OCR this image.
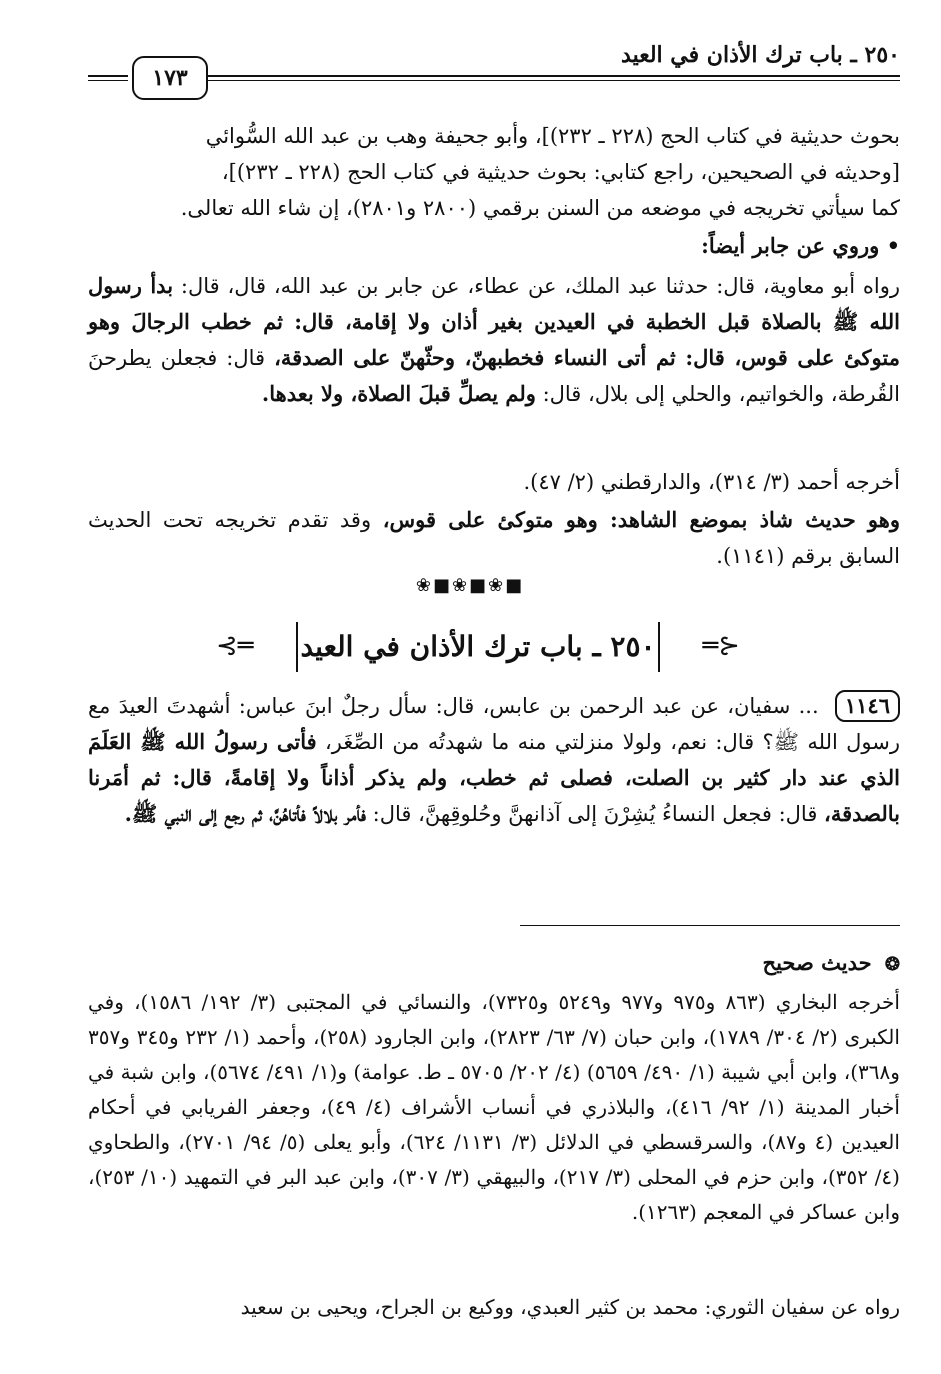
٢٥٠ ـ باب ترك الأذان في العيد
١٧٣
بحوث حديثية في كتاب الحج (٢٢٨ ـ ٢٣٢)]، وأبو جحيفة وهب بن عبد الله السُّوائي
[وحديثه في الصحيحين، راجع كتابي: بحوث حديثية في كتاب الحج (٢٢٨ ـ ٢٣٢)]،
كما سيأتي تخريجه في موضعه من السنن برقمي (٢٨٠٠ و٢٨٠١)، إن شاء الله تعالى.
• وروي عن جابر أيضاً:
رواه أبو معاوية، قال: حدثنا عبد الملك، عن عطاء، عن جابر بن عبد الله، قال، قال: بدأ رسول الله ﷺ بالصلاة قبل الخطبة في العيدين بغير أذان ولا إقامة، قال: ثم خطب الرجالَ وهو متوكئ على قوس، قال: ثم أتى النساء فخطبهنّ، وحثّهنّ على الصدقة، قال: فجعلن يطرحنَ القُرطة، والخواتيم، والحلي إلى بلال، قال: ولم يصلِّ قبلَ الصلاة، ولا بعدها.
أخرجه أحمد (٣/ ٣١٤)، والدارقطني (٢/ ٤٧).
وهو حديث شاذ بموضع الشاهد: وهو متوكئ على قوس، وقد تقدم تخريجه تحت الحديث السابق برقم (١١٤١).
❀■❀■❀■
⊰═ ٢٥٠ ـ باب ترك الأذان في العيد ═⊱
١١٤٦ ... سفيان، عن عبد الرحمن بن عابس، قال: سأل رجلٌ ابنَ عباس: أشهدتَ العيدَ مع رسول الله ﷺ؟ قال: نعم، ولولا منزلتي منه ما شهدتُه من الصِّغَر، فأتى رسولُ الله ﷺ العَلَمَ الذي عند دار كثير بن الصلت، فصلى ثم خطب، ولم يذكر أذاناً ولا إقامةً، قال: ثم أمَرنا بالصدقة، قال: فجعل النساءُ يُشِرْنَ إلى آذانهنَّ وحُلوقِهنَّ، قال: فأمر بلالاً فأتاهُنَّ، ثم رجع إلى النبي ﷺ.
❂ حديث صحيح
أخرجه البخاري (٨٦٣ و٩٧٥ و٩٧٧ و٥٢٤٩ و٧٣٢٥)، والنسائي في المجتبى (٣/ ١٩٢/ ١٥٨٦)، وفي الكبرى (٢/ ٣٠٤/ ١٧٨٩)، وابن حبان (٧/ ٦٣/ ٢٨٢٣)، وابن الجارود (٢٥٨)، وأحمد (١/ ٢٣٢ و٣٤٥ و٣٥٧ و٣٦٨)، وابن أبي شيبة (١/ ٤٩٠/ ٥٦٥٩) (٤/ ٢٠٢/ ٥٧٠٥ ـ ط. عوامة) و(١/ ٤٩١/ ٥٦٧٤)، وابن شبة في أخبار المدينة (١/ ٩٢/ ٤١٦)، والبلاذري في أنساب الأشراف (٤/ ٤٩)، وجعفر الفريابي في أحكام العيدين (٤ و٨٧)، والسرقسطي في الدلائل (٣/ ١١٣١/ ٦٢٤)، وأبو يعلى (٥/ ٩٤/ ٢٧٠١)، والطحاوي (٤/ ٣٥٢)، وابن حزم في المحلى (٣/ ٢١٧)، والبيهقي (٣/ ٣٠٧)، وابن عبد البر في التمهيد (١٠/ ٢٥٣)، وابن عساكر في المعجم (١٢٦٣).
رواه عن سفيان الثوري: محمد بن كثير العبدي، ووكيع بن الجراح، ويحيى بن سعيد
